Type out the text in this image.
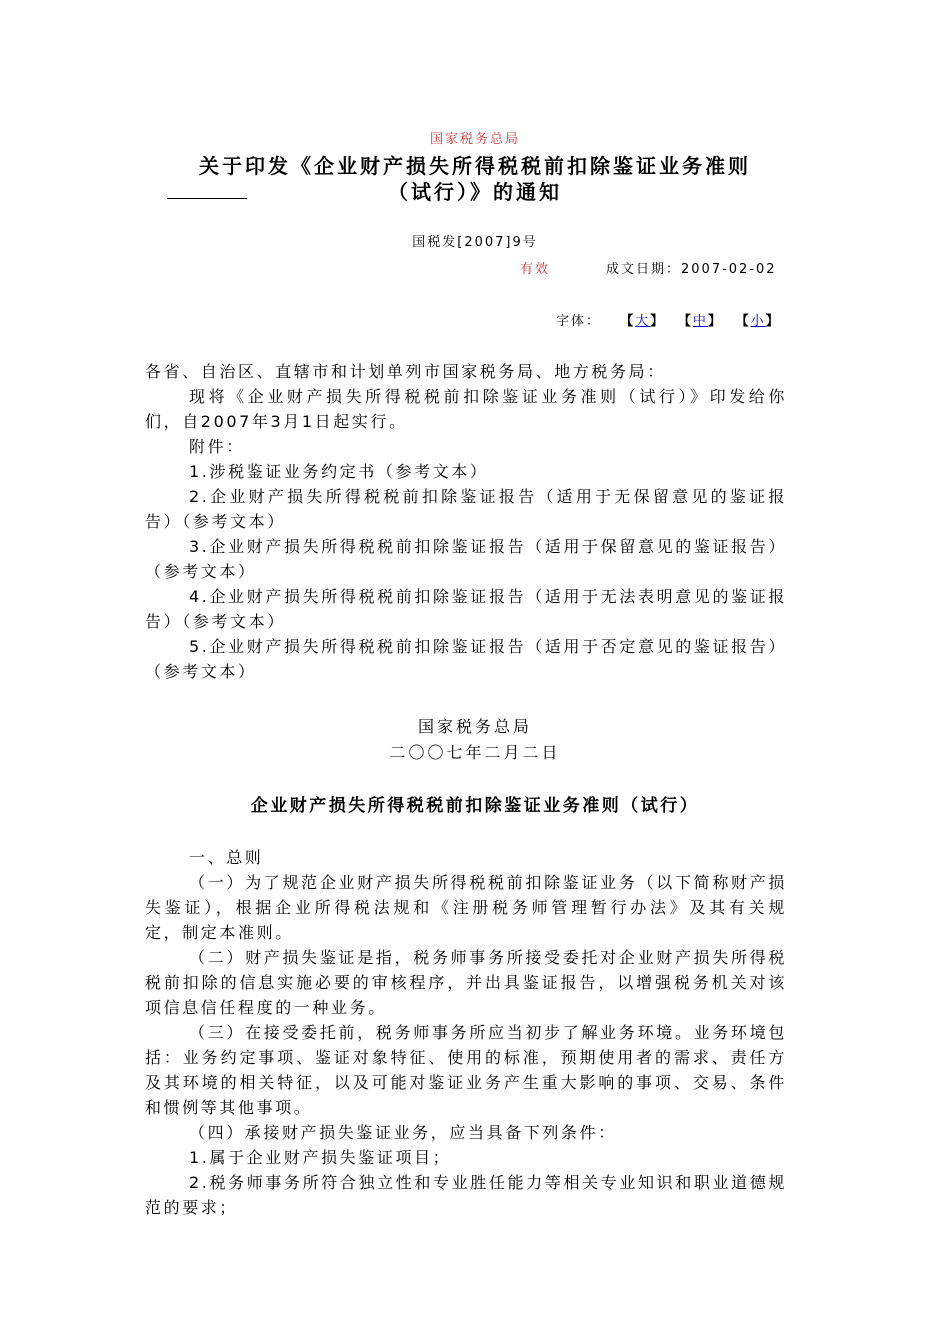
国家税务总局
关于印发《企业财产损失所得税税前扣除鉴证业务准则
（试行）》的通知
国税发[2007]9号
有效	成文日期：2007-02-02
字体：   【大】  【中】  【小】

各省、自治区、直辖市和计划单列市国家税务局、地方税务局：

现将《企业财产损失所得税税前扣除鉴证业务准则（试行）》印发给你们，自2007年3月1日起实行。

附件：

1.涉税鉴证业务约定书（参考文本）

2.企业财产损失所得税税前扣除鉴证报告（适用于无保留意见的鉴证报告）（参考文本）

3.企业财产损失所得税税前扣除鉴证报告（适用于保留意见的鉴证报告）（参考文本）

4.企业财产损失所得税税前扣除鉴证报告（适用于无法表明意见的鉴证报告）（参考文本）

5.企业财产损失所得税税前扣除鉴证报告（适用于否定意见的鉴证报告）（参考文本）

国家税务总局
二〇〇七年二月二日
企业财产损失所得税税前扣除鉴证业务准则（试行）

一、总则

（一）为了规范企业财产损失所得税税前扣除鉴证业务（以下简称财产损失鉴证），根据企业所得税法规和《注册税务师管理暂行办法》及其有关规定，制定本准则。

（二）财产损失鉴证是指，税务师事务所接受委托对企业财产损失所得税税前扣除的信息实施必要的审核程序，并出具鉴证报告，以增强税务机关对该项信息信任程度的一种业务。

（三）在接受委托前，税务师事务所应当初步了解业务环境。业务环境包括：业务约定事项、鉴证对象特征、使用的标准，预期使用者的需求、责任方及其环境的相关特征，以及可能对鉴证业务产生重大影响的事项、交易、条件和惯例等其他事项。

（四）承接财产损失鉴证业务，应当具备下列条件：

1.属于企业财产损失鉴证项目；

2.税务师事务所符合独立性和专业胜任能力等相关专业知识和职业道德规范的要求；
